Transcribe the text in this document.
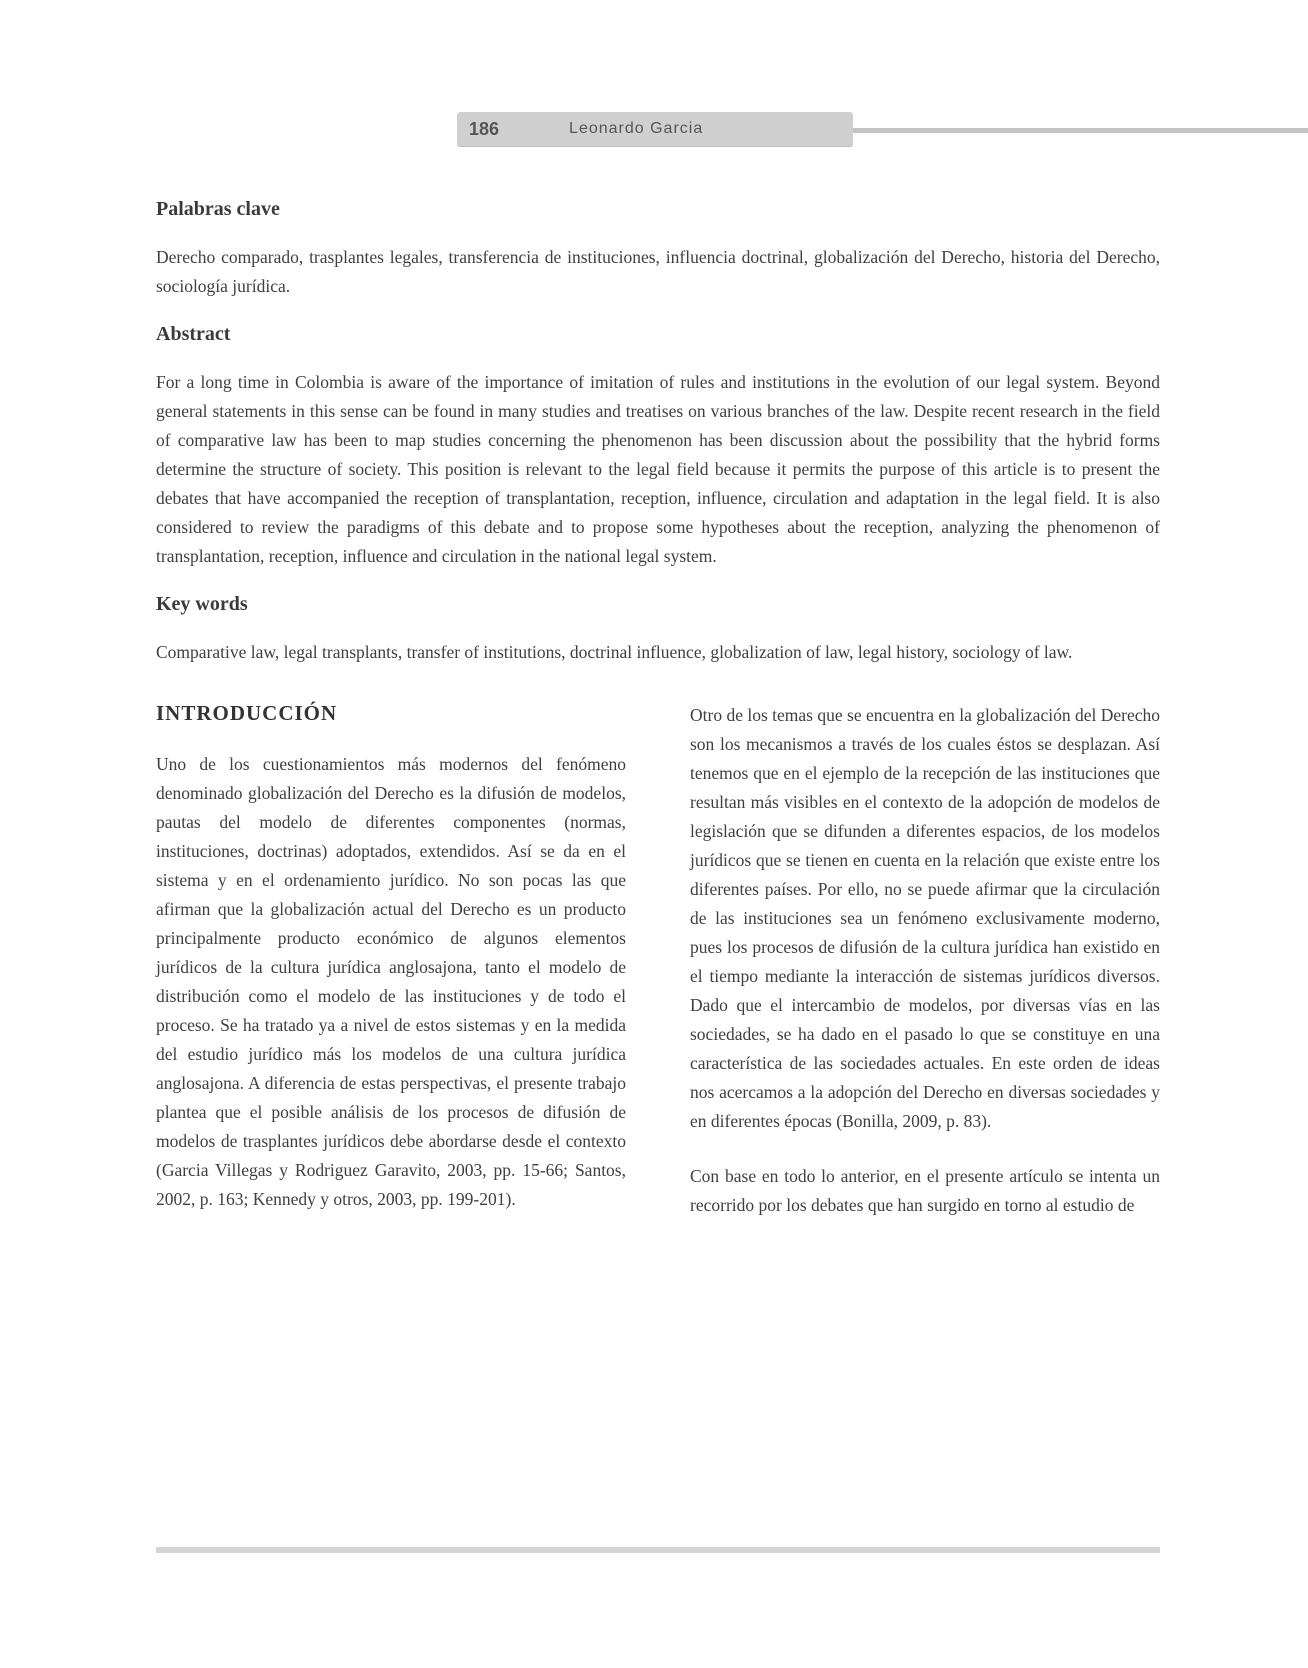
186	Leonardo Garcia
Palabras clave

Derecho comparado, trasplantes legales, transferencia de instituciones, influencia doctrinal, globalización del Derecho, historia del Derecho, sociología jurídica.

Abstract

For a long time in Colombia is aware of the importance of imitation of rules and institutions in the evolution of our legal system. Beyond general statements in this sense can be found in many studies and treatises on various branches of the law. Despite recent research in the field of comparative law has been to map studies concerning the phenomenon has been discussion about the possibility that the hybrid forms determine the structure of society. This position is relevant to the legal field because it permits the purpose of this article is to present the debates that have accompanied the reception of transplantation, reception, influence, circulation and adaptation in the legal field. It is also considered to review the paradigms of this debate and to propose some hypotheses about the reception, analyzing the phenomenon of transplantation, reception, influence and circulation in the national legal system.

Key words

Comparative law, legal transplants, transfer of institutions, doctrinal influence, globalization of law, legal history, sociology of law.

INTRODUCCIÓN

Uno de los cuestionamientos más modernos del fenómeno denominado globalización del Derecho es la difusión de modelos, pautas del modelo de diferentes componentes (normas, instituciones, doctrinas) adoptados, extendidos. Así se da en el sistema y en el ordenamiento jurídico. No son pocas las que afirman que la globalización actual del Derecho es un producto principalmente producto económico de algunos elementos jurídicos de la cultura jurídica anglosajona, tanto el modelo de distribución como el modelo de las instituciones y de todo el proceso. Se ha tratado ya a nivel de estos sistemas y en la medida del estudio jurídico más los modelos de una cultura jurídica anglosajona. A diferencia de estas perspectivas, el presente trabajo plantea que el posible análisis de los procesos de difusión de modelos de trasplantes jurídicos debe abordarse desde el contexto (Garcia Villegas y Rodriguez Garavito, 2003, pp. 15-66; Santos, 2002, p. 163; Kennedy y otros, 2003, pp. 199-201).

Otro de los temas que se encuentra en la globalización del Derecho son los mecanismos a través de los cuales éstos se desplazan. Así tenemos que en el ejemplo de la recepción de las instituciones que resultan más visibles en el contexto de la adopción de modelos de legislación que se difunden a diferentes espacios, de los modelos jurídicos que se tienen en cuenta en la relación que existe entre los diferentes países. Por ello, no se puede afirmar que la circulación de las instituciones sea un fenómeno exclusivamente moderno, pues los procesos de difusión de la cultura jurídica han existido en el tiempo mediante la interacción de sistemas jurídicos diversos. Dado que el intercambio de modelos, por diversas vías en las sociedades, se ha dado en el pasado lo que se constituye en una característica de las sociedades actuales. En este orden de ideas nos acercamos a la adopción del Derecho en diversas sociedades y en diferentes épocas (Bonilla, 2009, p. 83).

Con base en todo lo anterior, en el presente artículo se intenta un recorrido por los debates que han surgido en torno al estudio de
